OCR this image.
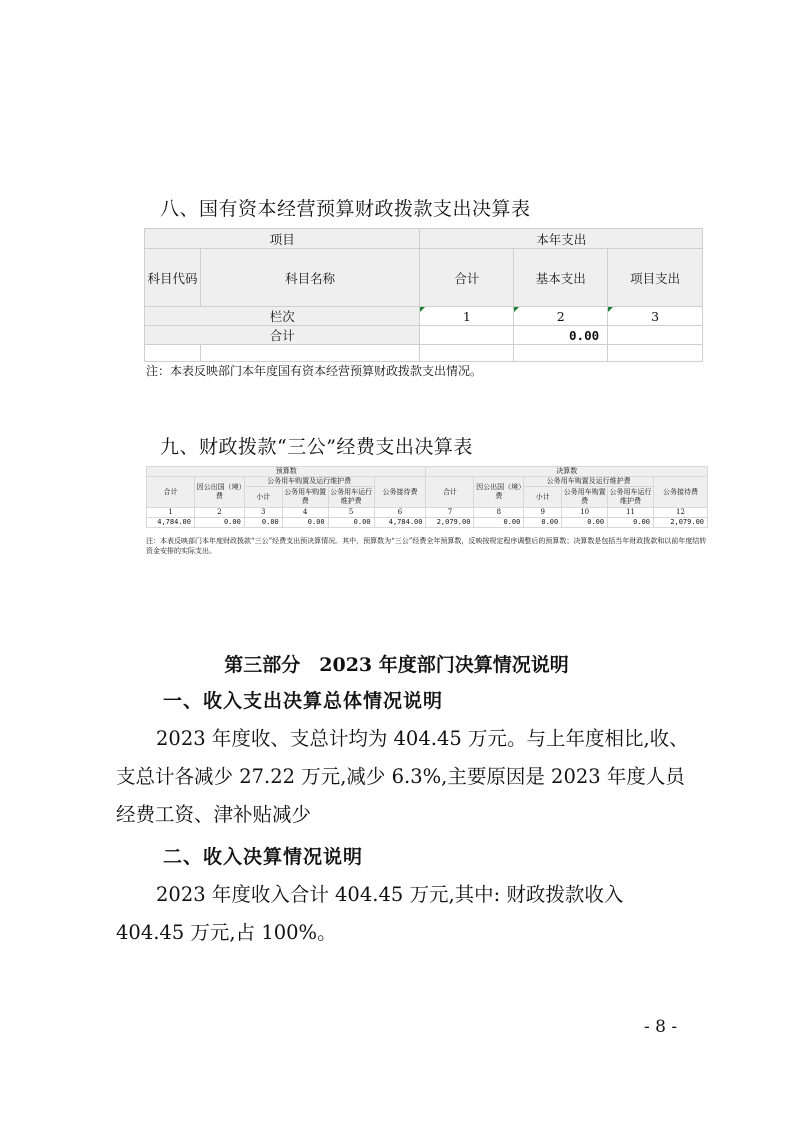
八、国有资本经营预算财政拨款支出决算表
项目		本年支出		
科目代码	科目名称	合计	基本支出	项目支出
栏次		1	2	3
合计			0.00	

注：本表反映部门本年度国有资本经营预算财政拨款支出情况。
九、财政拨款“三公”经费支出决算表
预算数						决算数					
合计	因公出国（境）费	公务用车购置及运行维护费			公务接待费	合计	因公出国（境）费	公务用车购置及运行维护费			公务接待费
		小计	公务用车购置费	公务用车运行维护费				小计	公务用车购置费	公务用车运行维护费	
1	2	3	4	5	6	7	8	9	10	11	12
4,784.00	0.00	0.00	0.00	0.00	4,784.00	2,079.00	0.00	0.00	0.00	0.00	2,079.00
注：本表反映部门本年度财政拨款“三公”经费支出预决算情况。其中，预算数为“三公”经费全年预算数，反映按规定程序调整后的预算数；决算数是包括当年财政拨款和以前年度结转资金安排的实际支出。
第三部分　2023 年度部门决算情况说明
一、收入支出决算总体情况说明
2023 年度收、支总计均为 404.45 万元。与上年度相比,收、支总计各减少 27.22 万元,减少 6.3%,主要原因是 2023 年度人员经费工资、津补贴减少
二、收入决算情况说明
2023 年度收入合计 404.45 万元,其中: 财政拨款收入 404.45 万元,占 100%。
- 8 -
